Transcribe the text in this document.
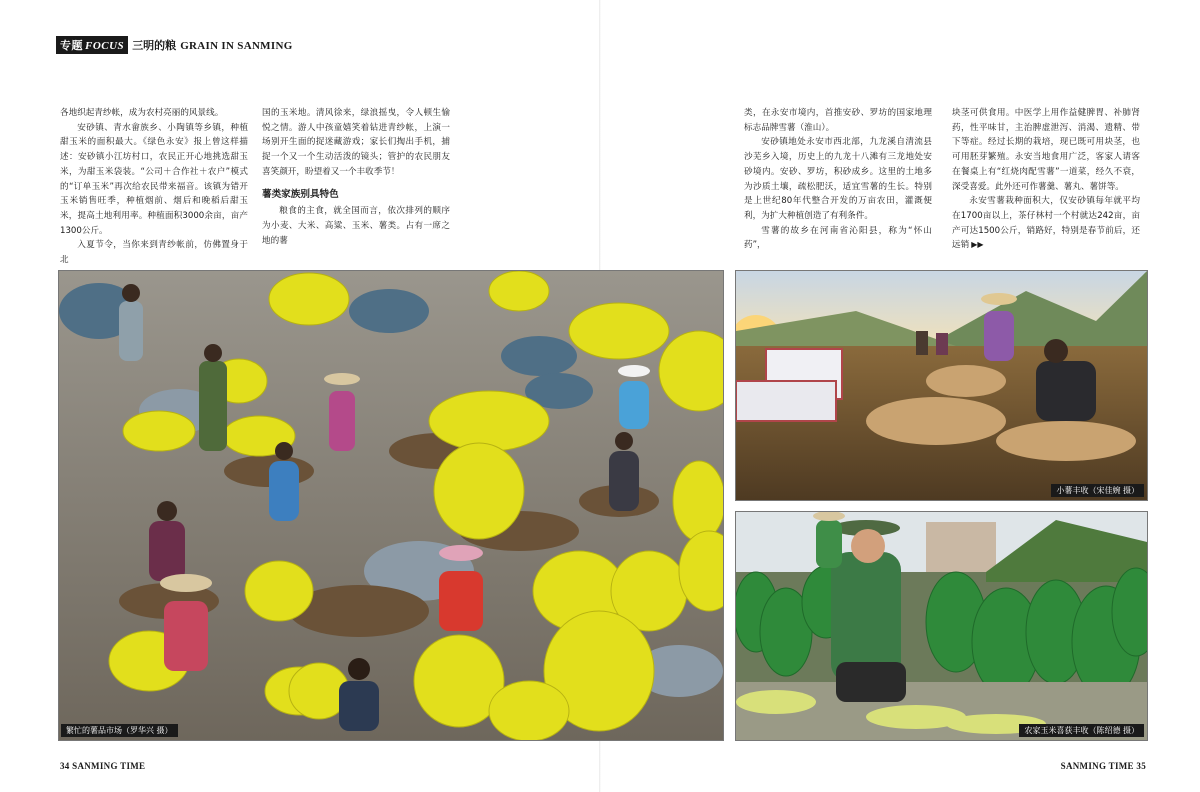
专题 FOCUS 三明的粮 GRAIN IN SANMING

各地织起青纱帐，成为农村亮丽的风景线。

安砂镇、青水畲族乡、小陶镇等乡镇，种植甜玉米的面积最大。《绿色永安》报上曾这样描述：安砂镇小江坊村口，农民正开心地挑选甜玉米，为甜玉米袋装。“公司＋合作社＋农户”模式的“订单玉米”再次给农民带来福音。该镇为错开玉米销售旺季，种植烟前、烟后和晚稻后甜玉米，提高土地利用率。种植面积3000余亩，亩产1300公斤。

入夏节令，当你来到青纱帐前，仿佛置身于北

国的玉米地。清风徐来，绿浪摇曳，令人顿生愉悦之情。游人中孩童嬉笑着钻进青纱帐，上演一场别开生面的捉迷藏游戏；家长们掏出手机，捕捉一个又一个生动活泼的镜头；管护的农民朋友喜笑颜开，盼望着又一个丰收季节！

薯类家族别具特色

粮食的主食，就全国而言，依次排列的顺序为小麦、大米、高粱、玉米、薯类。占有一席之地的薯

类，在永安市境内，首推安砂、罗坊的国家地理标志品牌雪薯（淮山）。

安砂镇地处永安市西北部，九龙溪自清流县沙芜乡入境，历史上的九龙十八滩有三龙地处安砂境内。安砂、罗坊，积砂成乡。这里的土地多为沙质土壤，疏松肥沃，适宜雪薯的生长。特别是上世纪80年代整合开发的万亩农田，灌溉便利，为扩大种植创造了有利条件。

雪薯的故乡在河南省沁阳县，称为“怀山药”，

块茎可供食用。中医学上用作益健脾胃、补肺肾药，性平味甘，主治脾虚泄泻、消渴、遗精、带下等症。经过长期的栽培，现已既可用块茎，也可用胚芽繁殖。永安当地食用广泛，客家人请客在餐桌上有“红烧肉配雪薯”一道菜，经久不衰，深受喜爱。此外还可作薯羹、薯丸、薯饼等。

永安雪薯栽种面积大，仅安砂镇每年就平均在1700亩以上，茶仔林村一个村就达242亩，亩产可达1500公斤，销路好，特别是春节前后，还远销 ▶▶

繁忙的薯品市场（罗华兴 摄）
小薯丰收（宋佳婉 摄）
农家玉米喜获丰收（陈绍德 摄）
34 SANMING TIME	SANMING TIME 35
